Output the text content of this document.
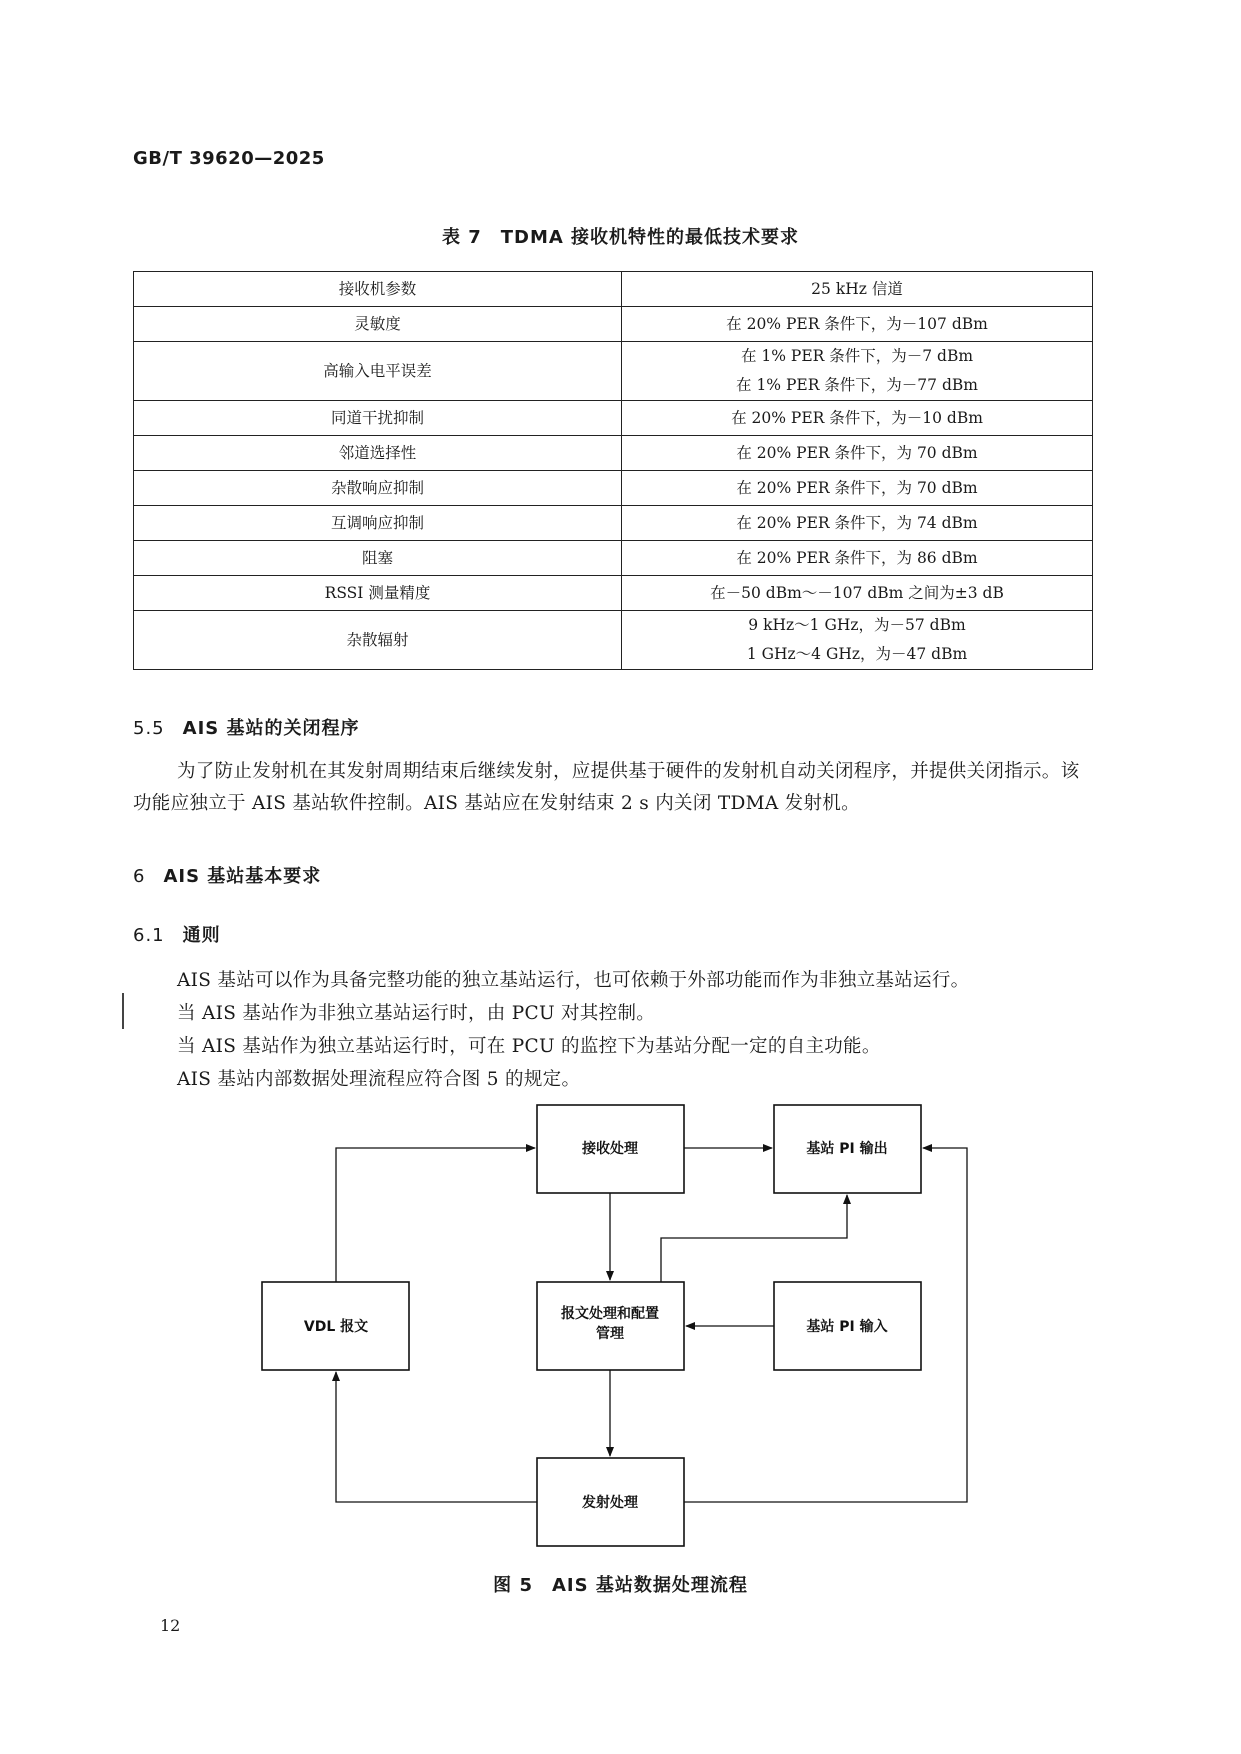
GB/T 39620—2025
表 7　TDMA 接收机特性的最低技术要求
接收机参数	25 kHz 信道
灵敏度	在 20% PER 条件下，为－107 dBm
高输入电平误差	在 1% PER 条件下，为－7 dBm
在 1% PER 条件下，为－77 dBm

同道干扰抑制	在 20% PER 条件下，为－10 dBm
邻道选择性	在 20% PER 条件下，为 70 dBm
杂散响应抑制	在 20% PER 条件下，为 70 dBm
互调响应抑制	在 20% PER 条件下，为 74 dBm
阻塞	在 20% PER 条件下，为 86 dBm
RSSI 测量精度	在－50 dBm～－107 dBm 之间为±3 dB
杂散辐射	9 kHz～1 GHz，为－57 dBm
1 GHz～4 GHz，为－47 dBm
5.5 AIS 基站的关闭程序
为了防止发射机在其发射周期结束后继续发射，应提供基于硬件的发射机自动关闭程序，并提供关闭指示。该功能应独立于 AIS 基站软件控制。AIS 基站应在发射结束 2 s 内关闭 TDMA 发射机。
6 AIS 基站基本要求
6.1 通则
AIS 基站可以作为具备完整功能的独立基站运行，也可依赖于外部功能而作为非独立基站运行。
当 AIS 基站作为非独立基站运行时，由 PCU 对其控制。
当 AIS 基站作为独立基站运行时，可在 PCU 的监控下为基站分配一定的自主功能。
AIS 基站内部数据处理流程应符合图 5 的规定。
接收处理	基站 PI 输出
VDL 报文
报文处理和配置
管理	基站 PI 输入
发射处理
图 5　AIS 基站数据处理流程
12
